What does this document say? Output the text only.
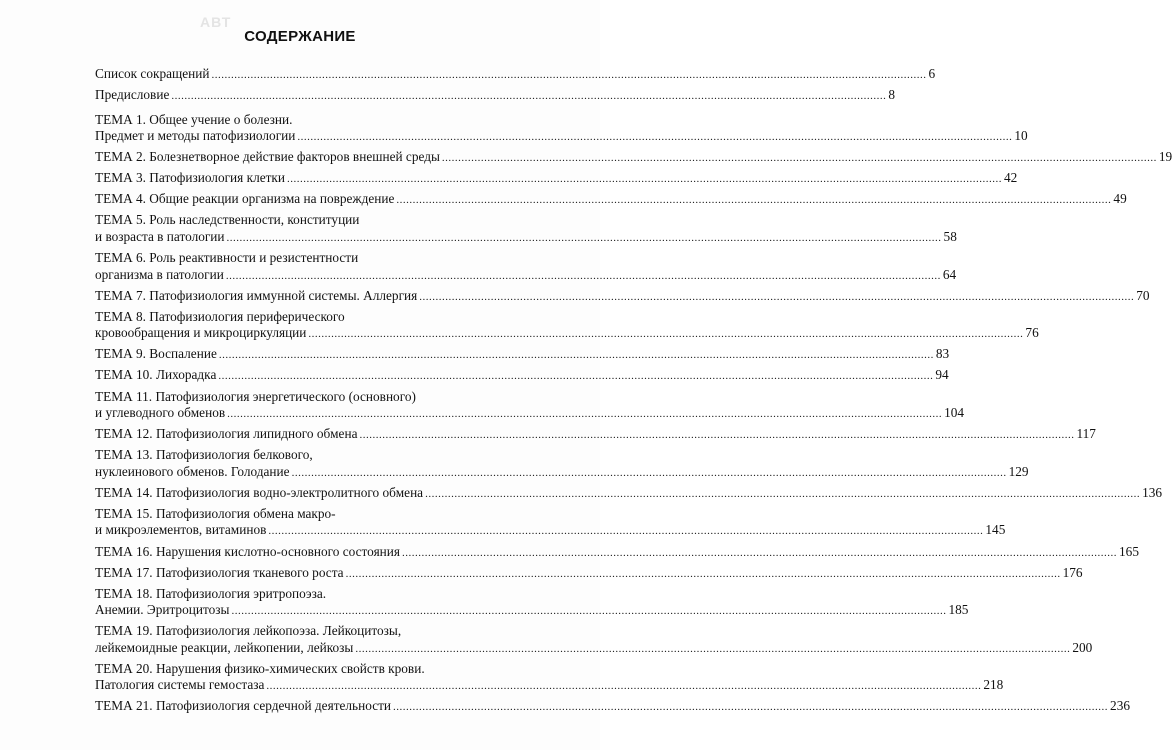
АВТ
СОДЕРЖАНИЕ
Список сокращений ............................................................................................................................................................................................................................ 6
Предисловие ............................................................................................................................................................................................................................ 8
ТЕМА 1. Общее учение о болезни.
Предмет и методы патофизиологии ............................................................................................................................................................................................................................ 10
ТЕМА 2. Болезнетворное действие факторов внешней среды ............................................................................................................................................................................................................................ 19
ТЕМА 3. Патофизиология клетки ............................................................................................................................................................................................................................ 42
ТЕМА 4. Общие реакции организма на повреждение ............................................................................................................................................................................................................................ 49
ТЕМА 5. Роль наследственности, конституции
и возраста в патологии ............................................................................................................................................................................................................................ 58
ТЕМА 6. Роль реактивности и резистентности
организма в патологии ............................................................................................................................................................................................................................ 64
ТЕМА 7. Патофизиология иммунной системы. Аллергия ............................................................................................................................................................................................................................ 70
ТЕМА 8. Патофизиология периферического
кровообращения и микроциркуляции ............................................................................................................................................................................................................................ 76
ТЕМА 9. Воспаление ............................................................................................................................................................................................................................ 83
ТЕМА 10. Лихорадка ............................................................................................................................................................................................................................ 94
ТЕМА 11. Патофизиология энергетического (основного)
и углеводного обменов ............................................................................................................................................................................................................................ 104
ТЕМА 12. Патофизиология липидного обмена ............................................................................................................................................................................................................................ 117
ТЕМА 13. Патофизиология белкового,
нуклеинового обменов. Голодание ............................................................................................................................................................................................................................ 129
ТЕМА 14. Патофизиология водно-электролитного обмена ............................................................................................................................................................................................................................ 136
ТЕМА 15. Патофизиология обмена макро-
и микроэлементов, витаминов ............................................................................................................................................................................................................................ 145
ТЕМА 16. Нарушения кислотно-основного состояния ............................................................................................................................................................................................................................ 165
ТЕМА 17. Патофизиология тканевого роста ............................................................................................................................................................................................................................ 176
ТЕМА 18. Патофизиология эритропоэза.
Анемии. Эритроцитозы ............................................................................................................................................................................................................................ 185
ТЕМА 19. Патофизиология лейкопоэза. Лейкоцитозы,
лейкемоидные реакции, лейкопении, лейкозы ............................................................................................................................................................................................................................ 200
ТЕМА 20. Нарушения физико-химических свойств крови.
Патология системы гемостаза ............................................................................................................................................................................................................................ 218
ТЕМА 21. Патофизиология сердечной деятельности ............................................................................................................................................................................................................................ 236
